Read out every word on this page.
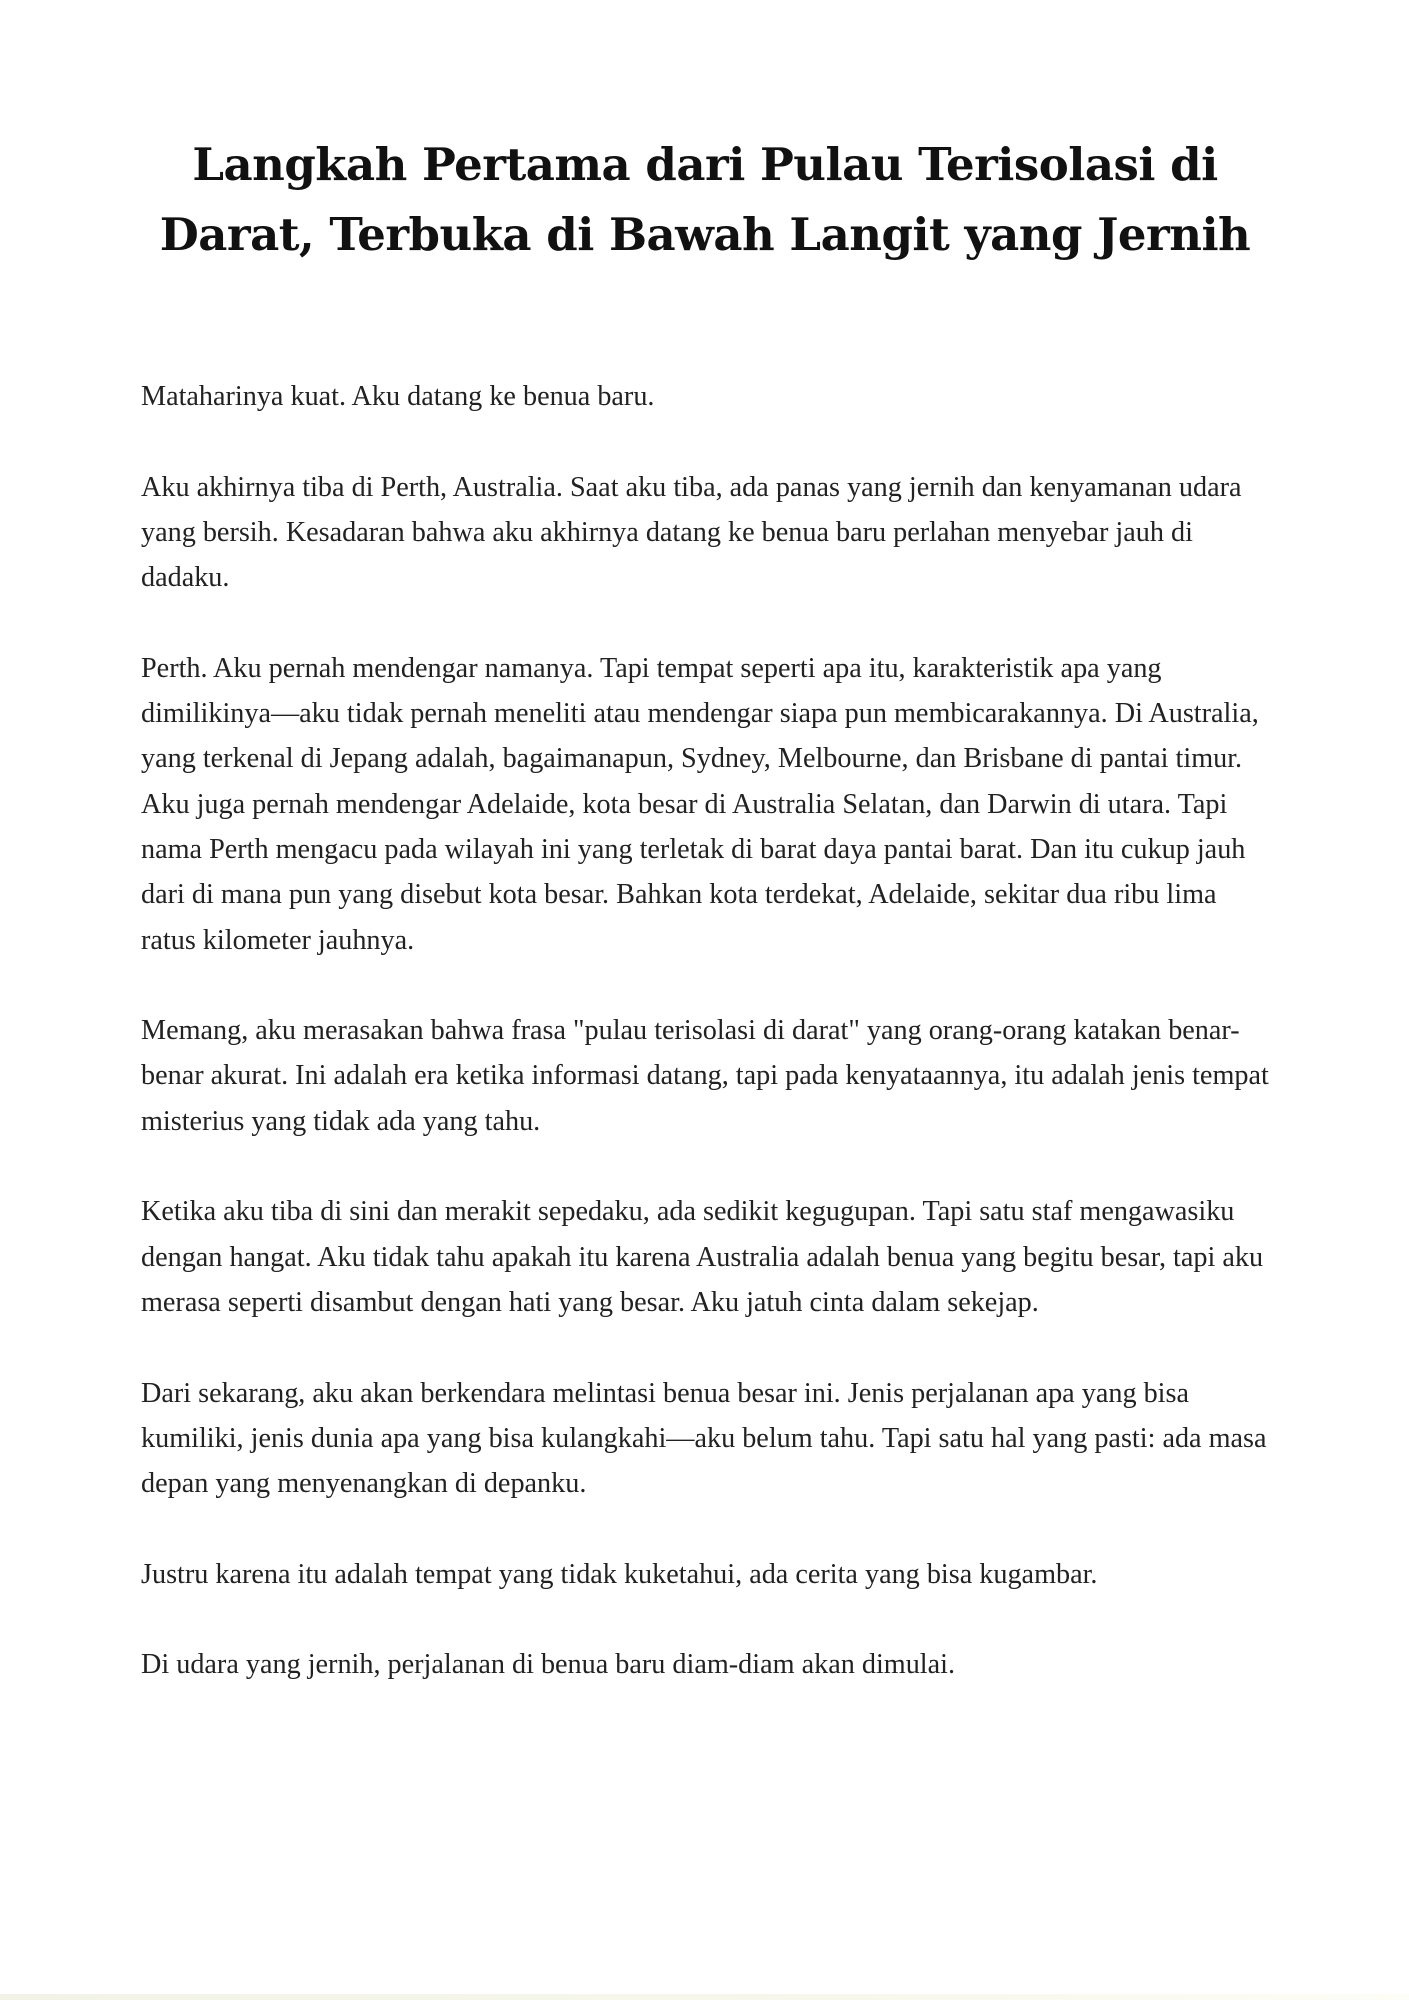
Langkah Pertama dari Pulau Terisolasi di Darat, Terbuka di Bawah Langit yang Jernih

Mataharinya kuat. Aku datang ke benua baru.

Aku akhirnya tiba di Perth, Australia. Saat aku tiba, ada panas yang jernih dan kenyamanan udara yang bersih. Kesadaran bahwa aku akhirnya datang ke benua baru perlahan menyebar jauh di dadaku.

Perth. Aku pernah mendengar namanya. Tapi tempat seperti apa itu, karakteristik apa yang dimilikinya—aku tidak pernah meneliti atau mendengar siapa pun membicarakannya. Di Australia, yang terkenal di Jepang adalah, bagaimanapun, Sydney, Melbourne, dan Brisbane di pantai timur. Aku juga pernah mendengar Adelaide, kota besar di Australia Selatan, dan Darwin di utara. Tapi nama Perth mengacu pada wilayah ini yang terletak di barat daya pantai barat. Dan itu cukup jauh dari di mana pun yang disebut kota besar. Bahkan kota terdekat, Adelaide, sekitar dua ribu lima ratus kilometer jauhnya.

Memang, aku merasakan bahwa frasa "pulau terisolasi di darat" yang orang-orang katakan benar-benar akurat. Ini adalah era ketika informasi datang, tapi pada kenyataannya, itu adalah jenis tempat misterius yang tidak ada yang tahu.

Ketika aku tiba di sini dan merakit sepedaku, ada sedikit kegugupan. Tapi satu staf mengawasiku dengan hangat. Aku tidak tahu apakah itu karena Australia adalah benua yang begitu besar, tapi aku merasa seperti disambut dengan hati yang besar. Aku jatuh cinta dalam sekejap.

Dari sekarang, aku akan berkendara melintasi benua besar ini. Jenis perjalanan apa yang bisa kumiliki, jenis dunia apa yang bisa kulangkahi—aku belum tahu. Tapi satu hal yang pasti: ada masa depan yang menyenangkan di depanku.

Justru karena itu adalah tempat yang tidak kuketahui, ada cerita yang bisa kugambar.

Di udara yang jernih, perjalanan di benua baru diam-diam akan dimulai.
